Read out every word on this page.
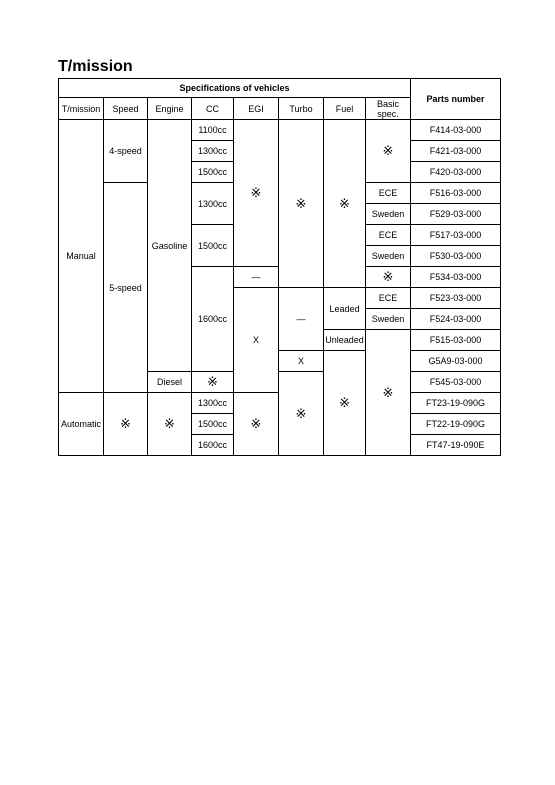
T/mission
Specifications of vehicles								Parts number
T/mission	Speed	Engine	CC	EGI	Turbo	Fuel	Basic spec.	
Manual	4-speed	Gasoline	1100cc	※	※	※	※	F414-03-000
			1300cc					F421-03-000
			1500cc					F420-03-000
	5-speed		1300cc				ECE	F516-03-000
							Sweden	F529-03-000
			1500cc				ECE	F517-03-000
							Sweden	F530-03-000
			1600cc	—			※	F534-03-000
				X	—	Leaded	ECE	F523-03-000
							Sweden	F524-03-000
						Unleaded	※	F515-03-000
					X	※		G5A9-03-000
		Diesel	※		※			F545-03-000
Automatic	※	※	1300cc	※				FT23-19-090G
			1500cc					FT22-19-090G
			1600cc					FT47-19-090E
